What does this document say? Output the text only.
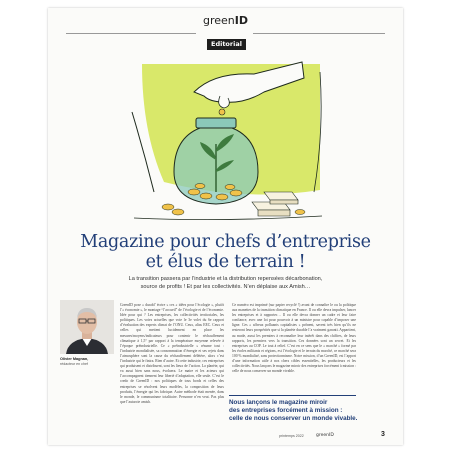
greenID
Editorial
Magazine pour chefs d’entreprise
et élus de terrain !
La transition passera par l’industrie et la distribution repensées décarbonation,
source de profits ! Et par les collectivités. N’en déplaise aux Amish…
Olivier Magnan,
rédacteur en chef

GreenID pose « durabl’ écrire » ces « idées pour l’écologie », plutôt l’« économie », le montage “l’accueil” de l’écologie et de l’économie. Idée pour qui ? Les entreprises, les collectivités territoriales, les politiques. Les voies actuelles que voie le 3e volet du 6e rapport d’évaluation des experts climat de l’ONU. Ceux, alias EEC. Ceux et celles qui mettent lucidement en place les mesures/moyens/indicateurs pour contenir le réchauffement climatique à 1,5° par rapport à la température moyenne relevée à l’époque préindustrielle. Ce « préindustrielle » résume tout : l’industrie mondialisée, sa consommation d’énergie et ses rejets dans l’atmosphère sont la cause du réchauffement délétère, alors c’est l’industrie qui le finira. Rien d’autre. Et cette industrie, ces entreprises qui produisent et distribuent, sont les lieux de l’action. La planète, qui va aussi bien sans nous, évoluera. Le maire et les acteurs qui l’accompagnent tiennent leur liberté d’adaptation, elle seule. C’est le credo de GreenID : nos politiques de tous bords et celles des entreprises se résolvent leurs modèles, la composition de leurs produits, l’énergie qui les fabrique. Autre méthode était menée, dans le monde, le communisme totalitaire. Personne n’en veut. Pas plus que l’autarcie amish.

Ce numéro est imprimé (sur papier recyclé !) avant de connaître le ou la politique aux manettes de la transition climatique en France. Il ou elle devra impulser, lancer les entreprises et à rapporter… Il ou elle devra donner un cadre et leur faire confiance, avec une loi pour pourvoir à un ministre pour capable d’imposer une ligne. Ces « affreux polluants capitalistes » prônent, savent très bien qu’ils ne resteront leurs prospérités que si la planète durable l’a vraiment garanti. Appartient, au mode, aussi les premiers à reconnaître leur intérêt dans des chiffres, de leurs rapports, les premiers vers la transition. Ces données sont un secret. Et les entreprises au COP. Le tout à relief. C’est en ce sens que le « marché » formé par les écoles militants et régions, est l’écologie et le terrain du marché, ce marché sera 100 % mondialisé, sans protectionnisme. Notre mission, d’un GreenID, est l’apport d’une information utile à nos chers cibles essentielles, les producteurs et les collectivités. Nous lançons le magazine miroir des entreprises forcément à mission : celle de nous conserver un monde vivable.

Nous lançons le magazine miroir
des entreprises forcément à mission :
celle de nous conserver un monde vivable.
printemps 2022	greenID	3
